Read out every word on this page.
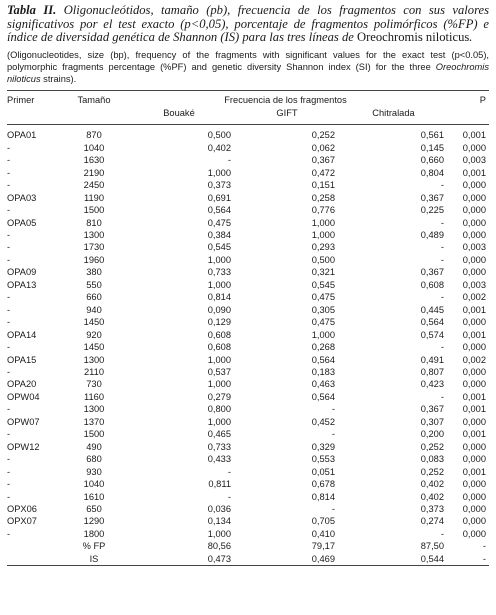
Tabla II. Oligonucleótidos, tamaño (pb), frecuencia de los fragmentos con sus valores significativos por el test exacto (p<0,05), porcentaje de fragmentos polimórficos (%FP) e índice de diversidad genética de Shannon (IS) para las tres líneas de Oreochromis niloticus.

(Oligonucleotides, size (bp), frequency of the fragments with significant values for the exact test (p<0.05), polymorphic fragments percentage (%PF) and genetic diversity Shannon index (SI) for the three Oreochromis niloticus strains).

Primer	Tamaño	Frecuencia de los fragmentos			P
		Bouaké	GIFT	Chitralada	

OPA01	870	0,500	0,252	0,561	0,001
-	1040	0,402	0,062	0,145	0,000
-	1630	-	0,367	0,660	0,003
-	2190	1,000	0,472	0,804	0,001
-	2450	0,373	0,151	-	0,000
OPA03	1190	0,691	0,258	0,367	0,000
-	1500	0,564	0,776	0,225	0,000
OPA05	810	0,475	1,000	-	0,000
-	1300	0,384	1,000	0,489	0,000
-	1730	0,545	0,293	-	0,003
-	1960	1,000	0,500	-	0,000
OPA09	380	0,733	0,321	0,367	0,000
OPA13	550	1,000	0,545	0,608	0,003
-	660	0,814	0,475	-	0,002
-	940	0,090	0,305	0,445	0,001
-	1450	0,129	0,475	0,564	0,000
OPA14	920	0,608	1,000	0,574	0,001
-	1450	0,608	0,268	-	0,000
OPA15	1300	1,000	0,564	0,491	0,002
-	2110	0,537	0,183	0,807	0,000
OPA20	730	1,000	0,463	0,423	0,000
OPW04	1160	0,279	0,564	-	0,001
-	1300	0,800	-	0,367	0,001
OPW07	1370	1,000	0,452	0,307	0,000
-	1500	0,465	-	0,200	0,001
OPW12	490	0,733	0,329	0,252	0,000
-	680	0,433	0,553	0,083	0,000
-	930	-	0,051	0,252	0,001
-	1040	0,811	0,678	0,402	0,000
-	1610	-	0,814	0,402	0,000
OPX06	650	0,036	-	0,373	0,000
OPX07	1290	0,134	0,705	0,274	0,000
-	1800	1,000	0,410	-	0,000
	% FP	80,56	79,17	87,50	-
	IS	0,473	0,469	0,544	-
